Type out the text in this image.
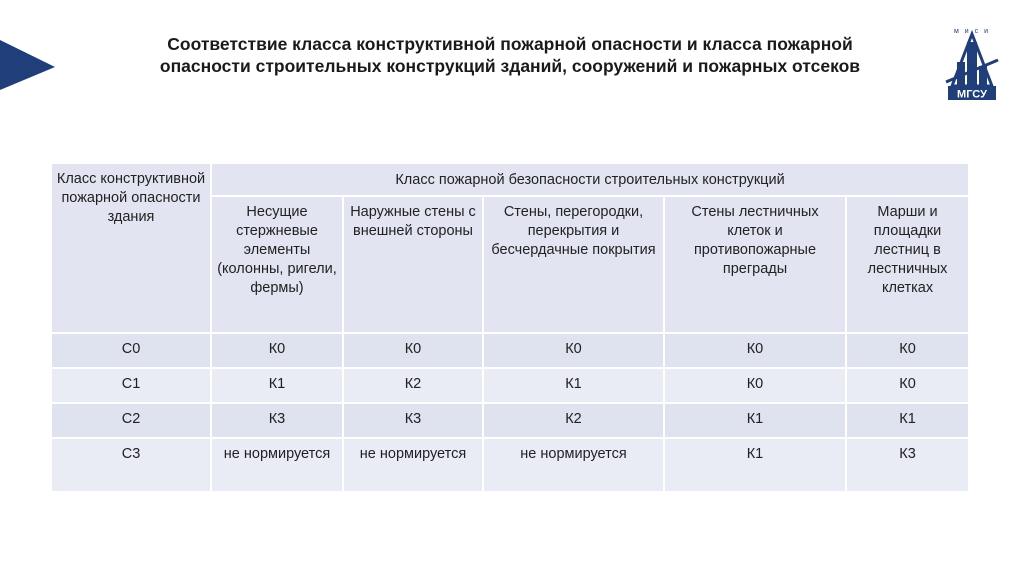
Соответствие класса конструктивной пожарной опасности и класса пожарной
опасности строительных конструкций зданий, сооружений и пожарных отсеков
м и с и
МГСУ
Класс конструктивной пожарной опасности здания	Класс пожарной безопасности строительных конструкций				
	Несущие стержневые элементы (колонны, ригели, фермы)	Наружные стены с внешней стороны	Стены, перегородки, перекрытия и бесчердачные покрытия	Стены лестничных клеток и противопожарные преграды	Марши и площадки лестниц в лестничных клетках
С0	К0	К0	К0	К0	К0
С1	К1	К2	К1	К0	К0
С2	К3	К3	К2	К1	К1
С3	не нормируется	не нормируется	не нормируется	К1	К3
